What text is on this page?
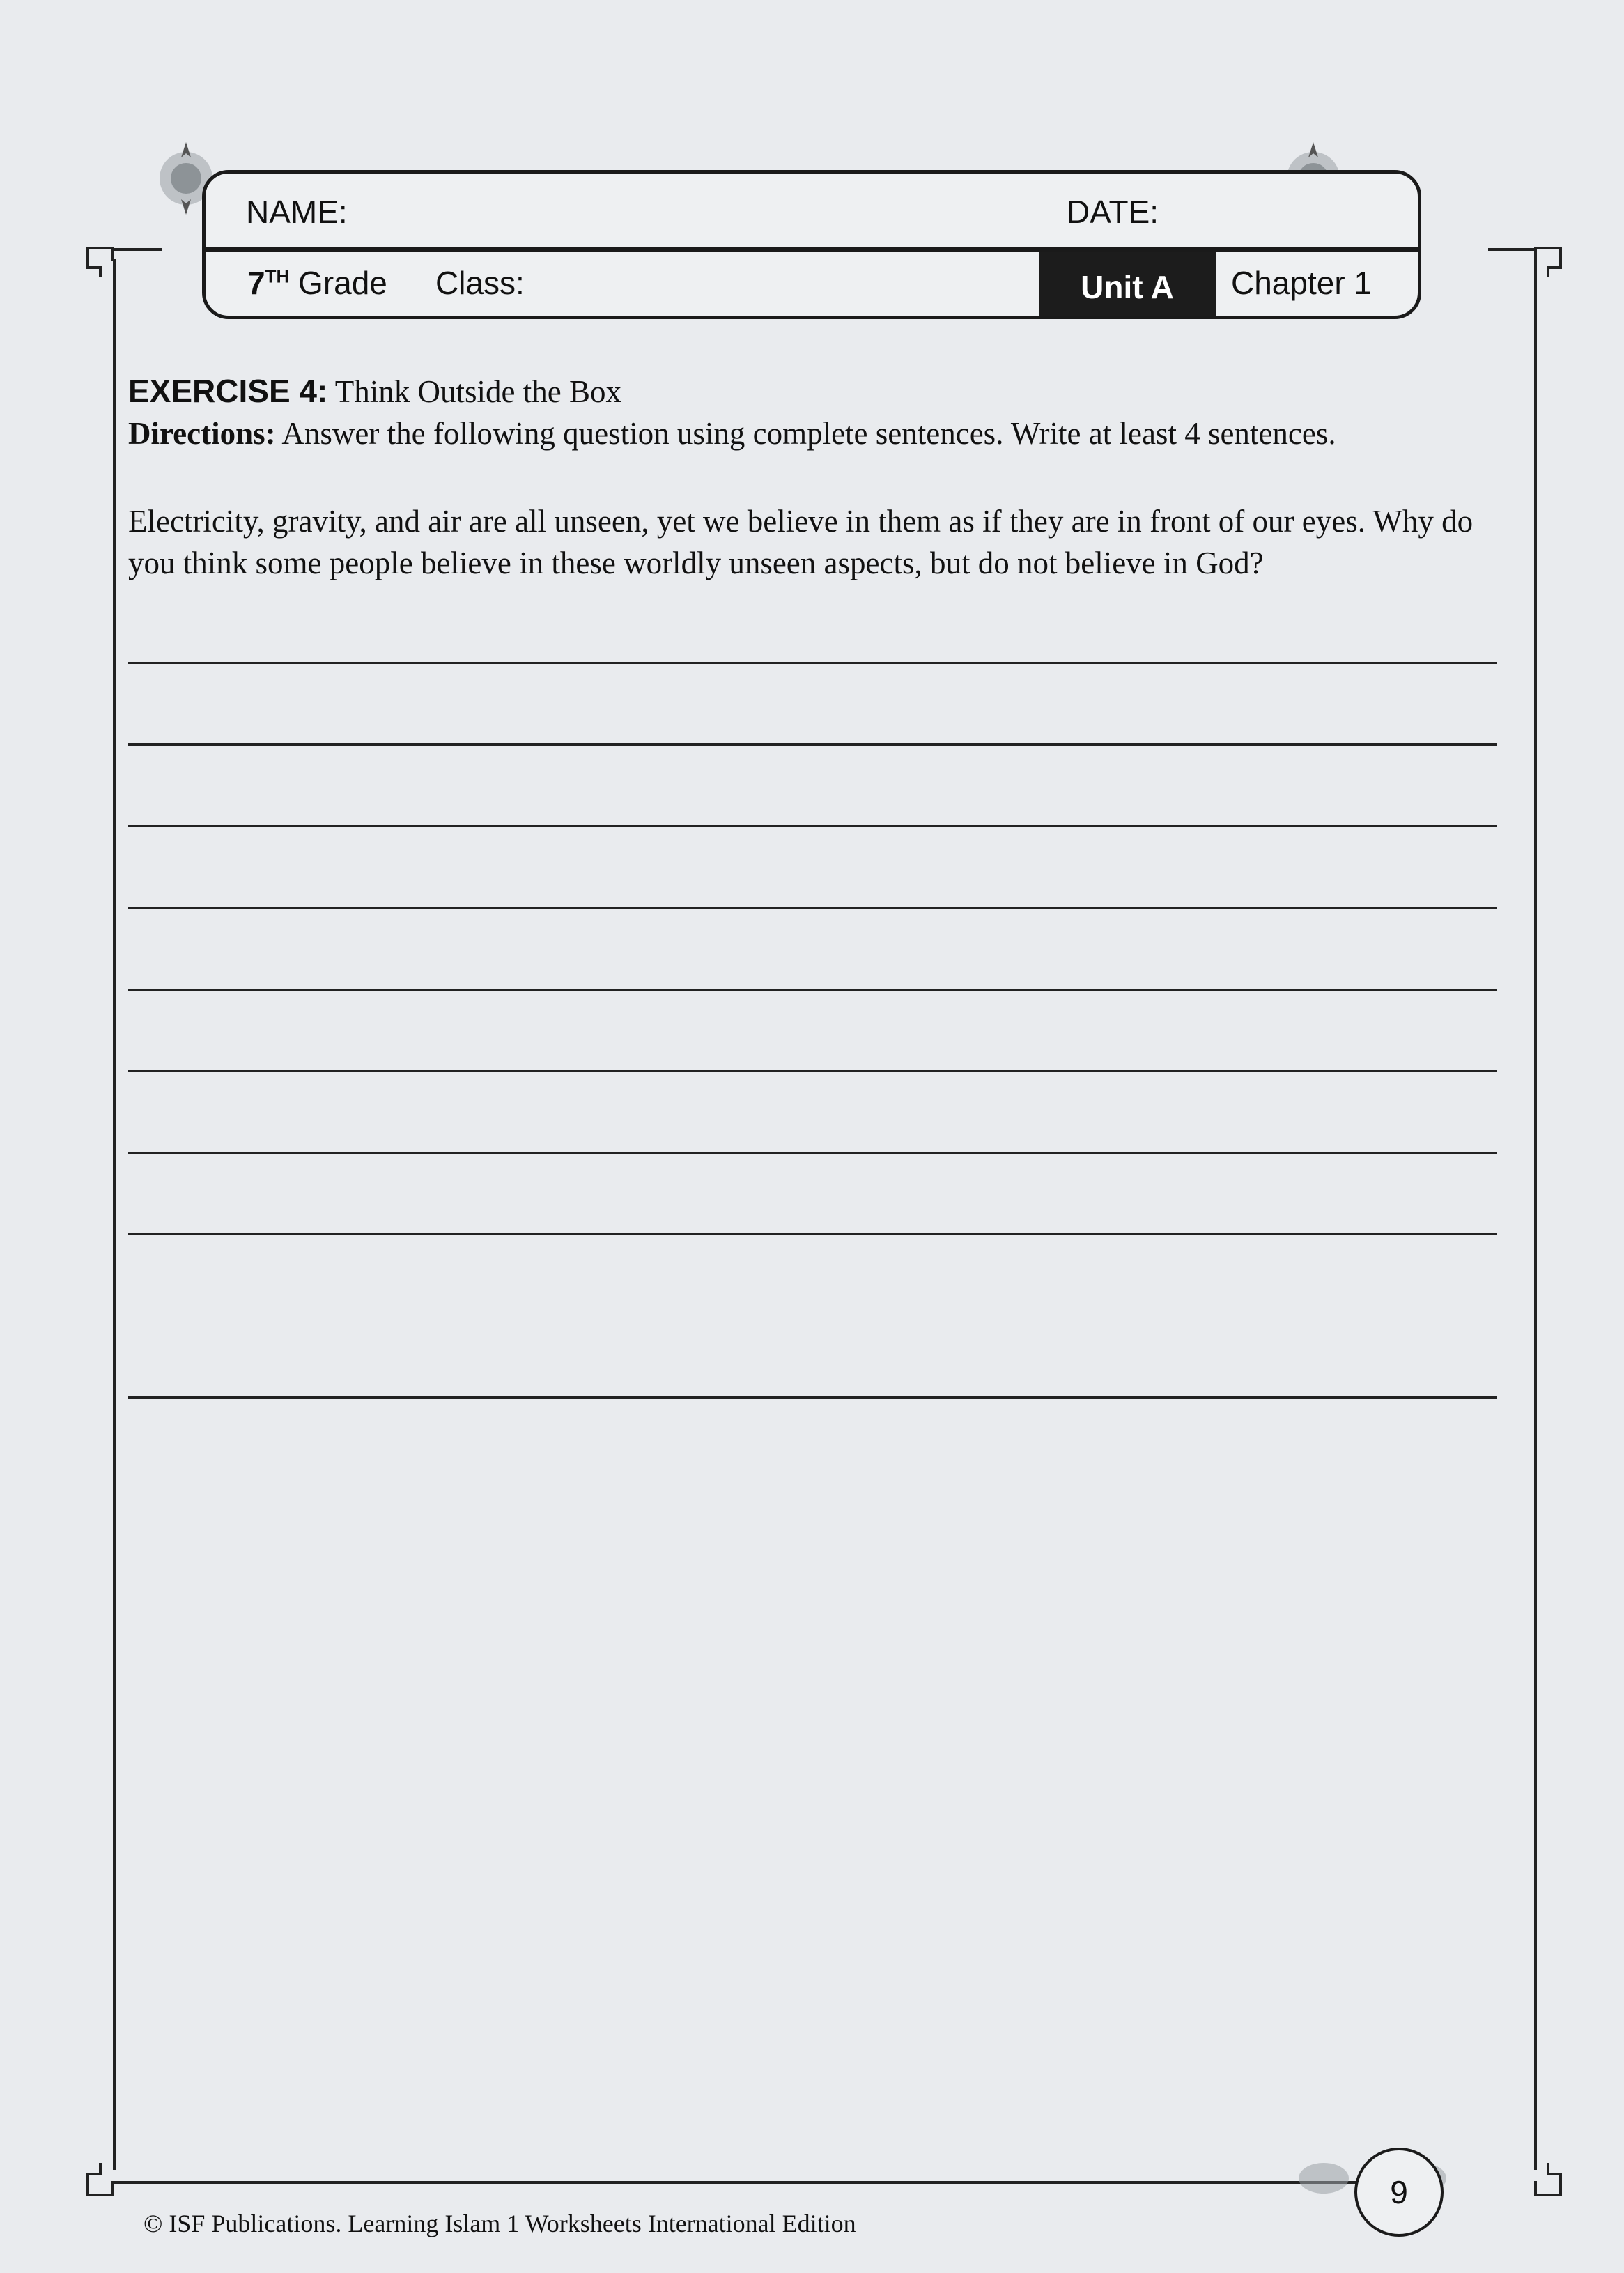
NAME:	DATE:
7TH Grade Class:	Unit A	Chapter 1
EXERCISE 4: Think Outside the Box
Directions: Answer the following question using complete sentences. Write at least 4 sentences.
Electricity, gravity, and air are all unseen, yet we believe in them as if they are in front of our eyes. Why do you think some people believe in these worldly unseen aspects, but do not believe in God?
9
© ISF Publications. Learning Islam 1 Worksheets International Edition
